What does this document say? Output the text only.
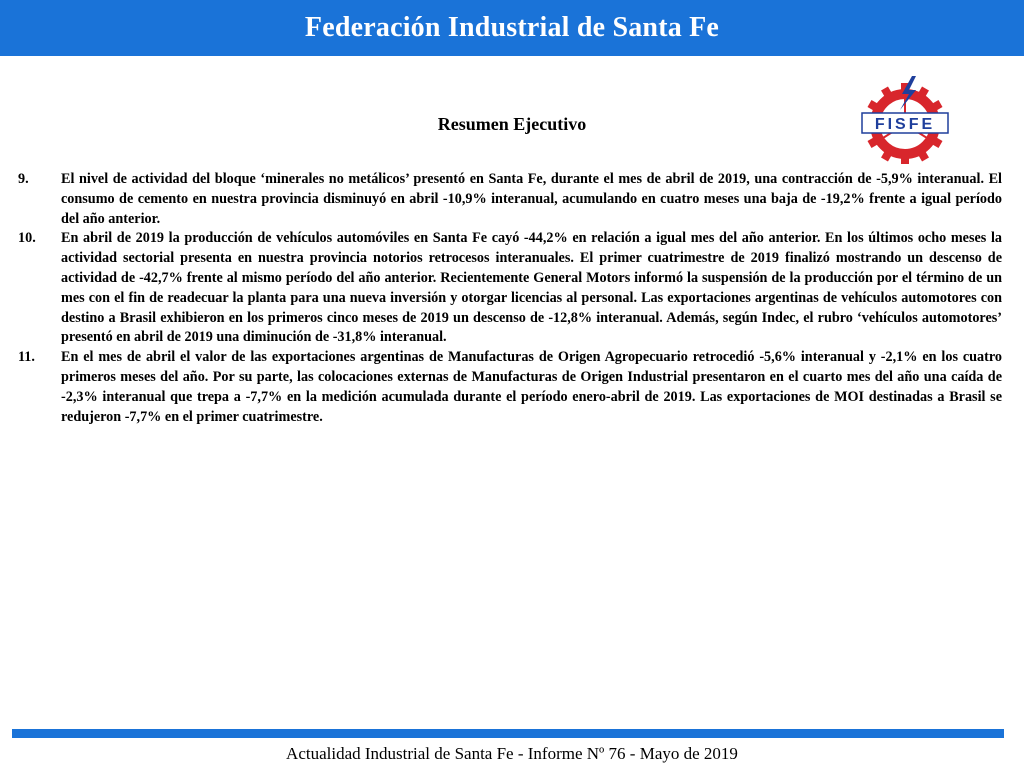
Federación Industrial de Santa Fe
Resumen Ejecutivo	FISFE
9.	El nivel de actividad del bloque ‘minerales no metálicos’ presentó en Santa Fe, durante el mes de abril de 2019, una contracción de -5,9% interanual. El consumo de cemento en nuestra provincia disminuyó en abril -10,9% interanual, acumulando en cuatro meses una baja de -19,2% frente a igual período del año anterior.
10.	En abril de 2019 la producción de vehículos automóviles en Santa Fe cayó -44,2% en relación a igual mes del año anterior. En los últimos ocho meses la actividad sectorial presenta en nuestra provincia notorios retrocesos interanuales. El primer cuatrimestre de 2019 finalizó mostrando un descenso de actividad de -42,7% frente al mismo período del año anterior. Recientemente General Motors informó la suspensión de la producción por el término de un mes con el fin de readecuar la planta para una nueva inversión y otorgar licencias al personal. Las exportaciones argentinas de vehículos automotores con destino a Brasil exhibieron en los primeros cinco meses de 2019 un descenso de -12,8% interanual. Además, según Indec, el rubro ‘vehículos automotores’ presentó en abril de 2019 una diminución de -31,8% interanual.
11.	En el mes de abril el valor de las exportaciones argentinas de Manufacturas de Origen Agropecuario retrocedió -5,6% interanual y -2,1% en los cuatro primeros meses del año. Por su parte, las colocaciones externas de Manufacturas de Origen Industrial presentaron en el cuarto mes del año una caída de -2,3% interanual que trepa a -7,7% en la medición acumulada durante el período enero-abril de 2019. Las exportaciones de MOI destinadas a Brasil se redujeron -7,7% en el primer cuatrimestre.
Actualidad Industrial de Santa Fe - Informe Nº 76 - Mayo de 2019
